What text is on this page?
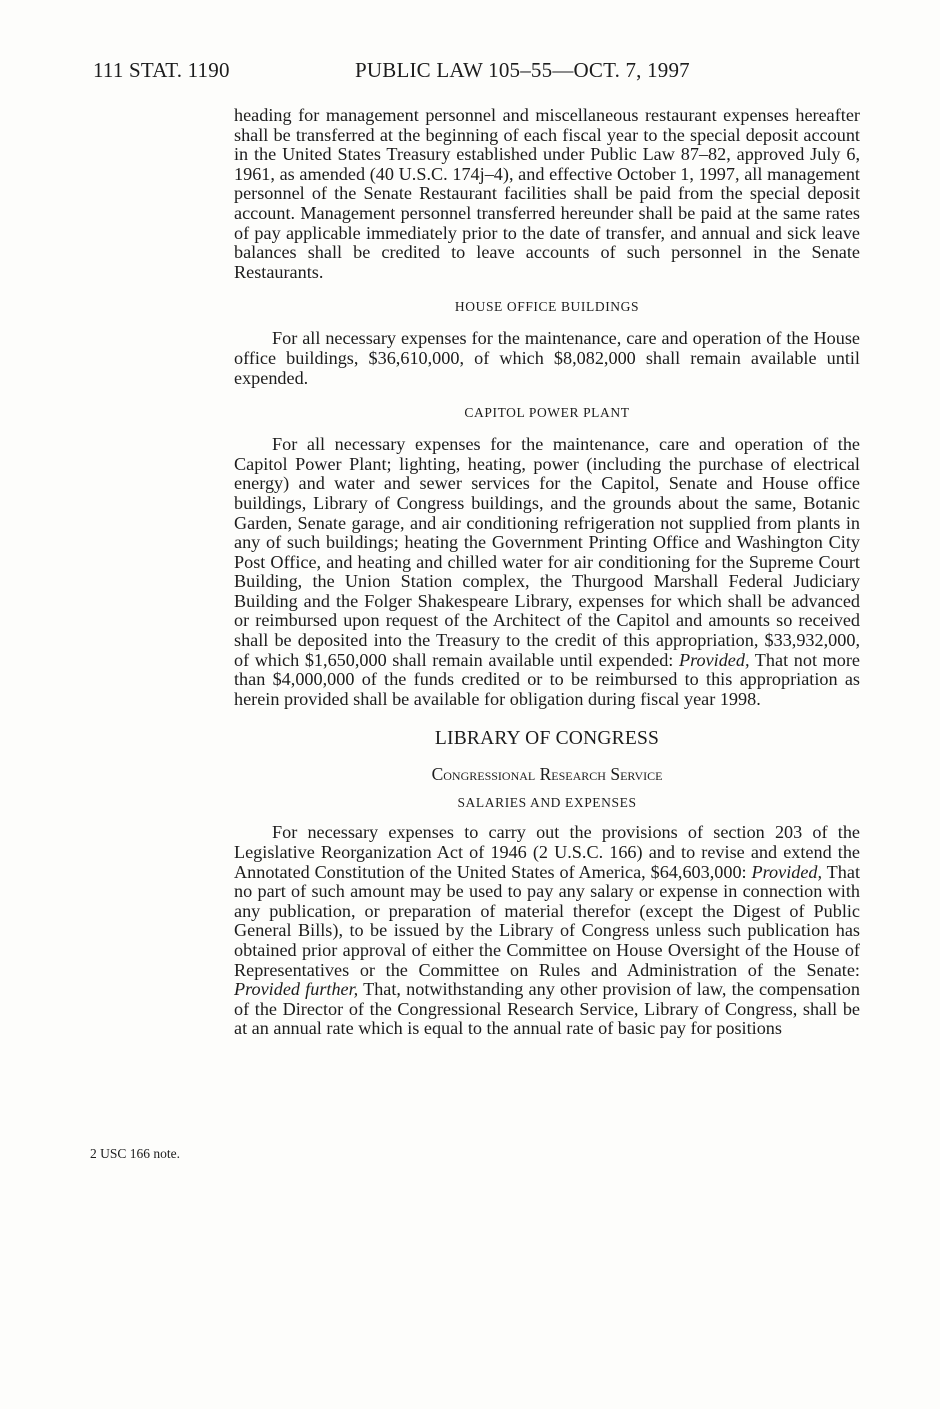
111 STAT. 1190	PUBLIC LAW 105–55—OCT. 7, 1997
2 USC 166 note.

heading for management personnel and miscellaneous restaurant expenses hereafter shall be transferred at the beginning of each fiscal year to the special deposit account in the United States Treasury established under Public Law 87–82, approved July 6, 1961, as amended (40 U.S.C. 174j–4), and effective October 1, 1997, all management personnel of the Senate Restaurant facilities shall be paid from the special deposit account. Management personnel transferred hereunder shall be paid at the same rates of pay applicable immediately prior to the date of transfer, and annual and sick leave balances shall be credited to leave accounts of such personnel in the Senate Restaurants.

HOUSE OFFICE BUILDINGS

For all necessary expenses for the maintenance, care and operation of the House office buildings, $36,610,000, of which $8,082,000 shall remain available until expended.

CAPITOL POWER PLANT

For all necessary expenses for the maintenance, care and operation of the Capitol Power Plant; lighting, heating, power (including the purchase of electrical energy) and water and sewer services for the Capitol, Senate and House office buildings, Library of Congress buildings, and the grounds about the same, Botanic Garden, Senate garage, and air conditioning refrigeration not supplied from plants in any of such buildings; heating the Government Printing Office and Washington City Post Office, and heating and chilled water for air conditioning for the Supreme Court Building, the Union Station complex, the Thurgood Marshall Federal Judiciary Building and the Folger Shakespeare Library, expenses for which shall be advanced or reimbursed upon request of the Architect of the Capitol and amounts so received shall be deposited into the Treasury to the credit of this appropriation, $33,932,000, of which $1,650,000 shall remain available until expended: Provided, That not more than $4,000,000 of the funds credited or to be reimbursed to this appropriation as herein provided shall be available for obligation during fiscal year 1998.

LIBRARY OF CONGRESS
Congressional Research Service
SALARIES AND EXPENSES

For necessary expenses to carry out the provisions of section 203 of the Legislative Reorganization Act of 1946 (2 U.S.C. 166) and to revise and extend the Annotated Constitution of the United States of America, $64,603,000: Provided, That no part of such amount may be used to pay any salary or expense in connection with any publication, or preparation of material therefor (except the Digest of Public General Bills), to be issued by the Library of Congress unless such publication has obtained prior approval of either the Committee on House Oversight of the House of Representatives or the Committee on Rules and Administration of the Senate: Provided further, That, notwithstanding any other provision of law, the compensation of the Director of the Congressional Research Service, Library of Congress, shall be at an annual rate which is equal to the annual rate of basic pay for positions
